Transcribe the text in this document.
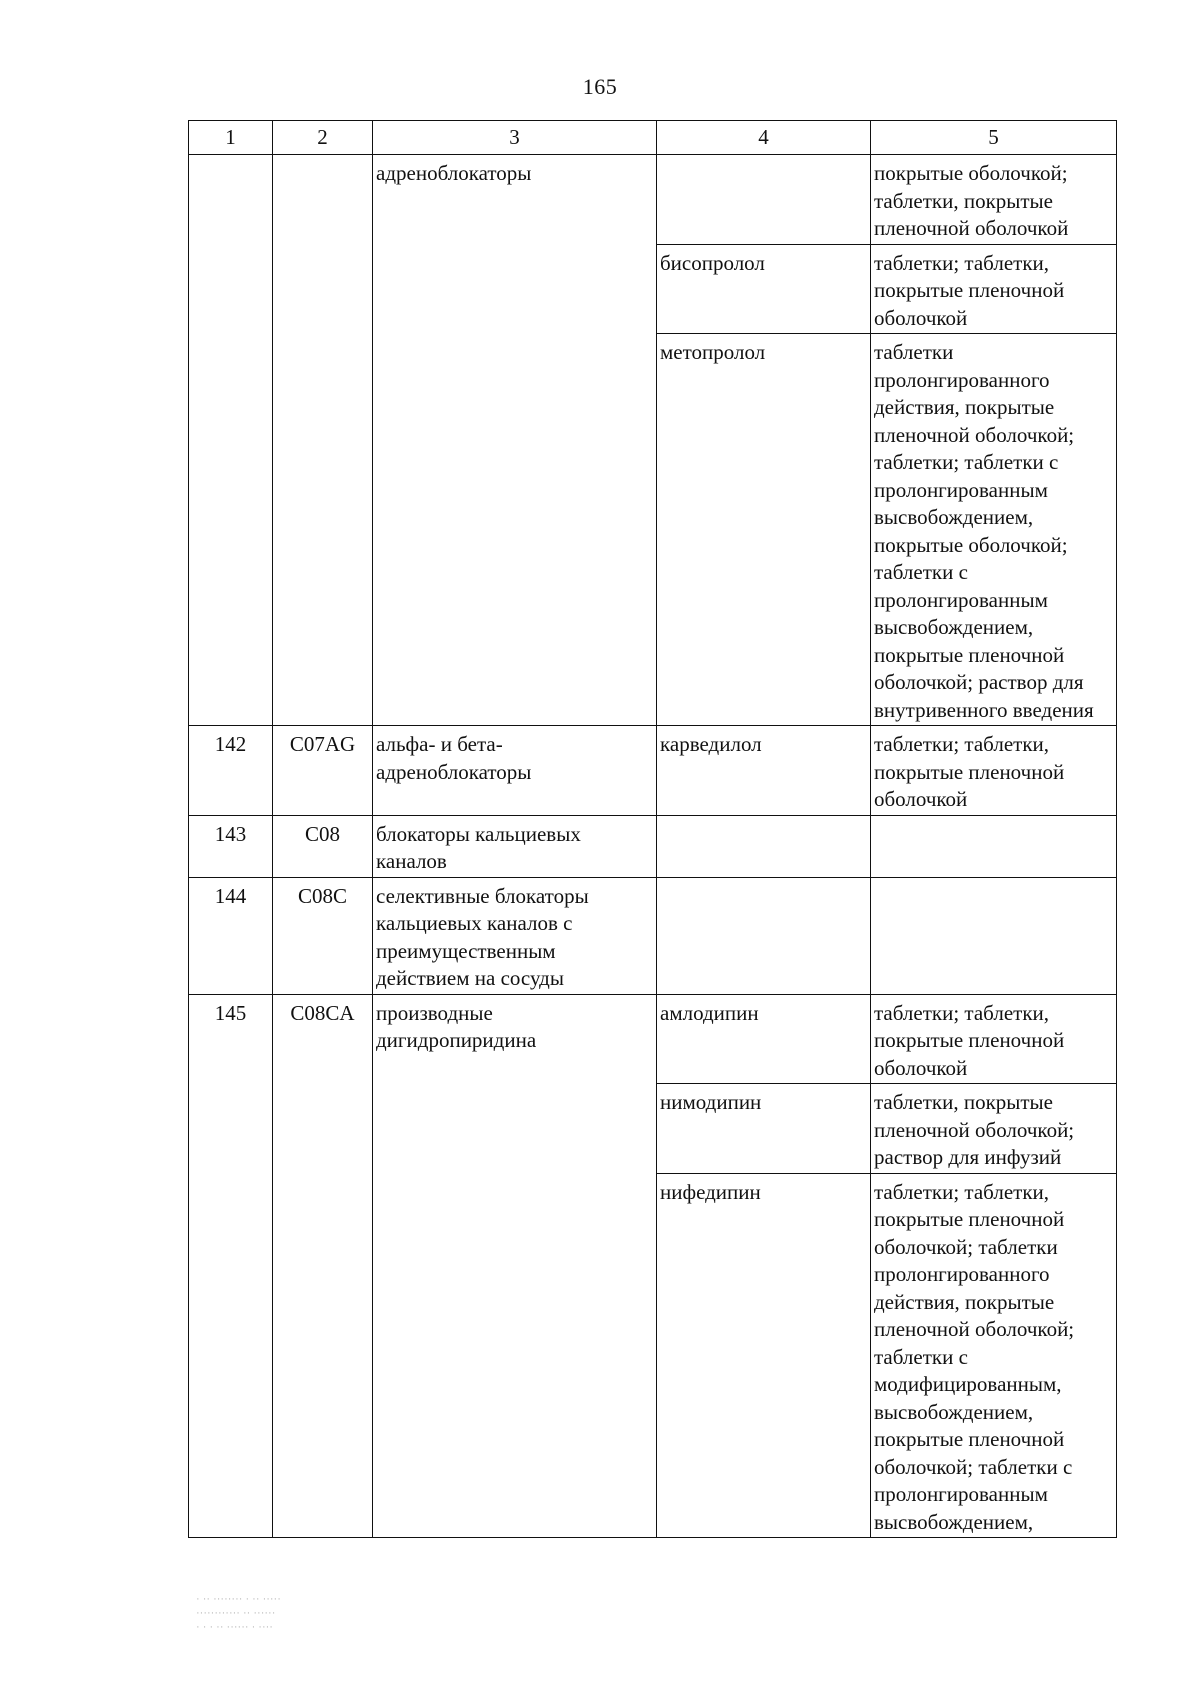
165
1	2	3	4	5
		адреноблокаторы		покрытые оболочкой; таблетки, покрытые пленочной оболочкой
			бисопролол	таблетки; таблетки, покрытые пленочной оболочкой
			метопролол	таблетки пролонгированного действия, покрытые пленочной оболочкой; таблетки; таблетки с пролонгированным высвобождением, покрытые оболочкой; таблетки с пролонгированным высвобождением, покрытые пленочной оболочкой; раствор для внутривенного введения
142	C07AG	альфа- и бета-адреноблокаторы	карведилол	таблетки; таблетки, покрытые пленочной оболочкой
143	C08	блокаторы кальциевых каналов		
144	C08C	селективные блокаторы кальциевых каналов с преимущественным действием на сосуды		
145	C08CA	производные дигидропиридина	амлодипин	таблетки; таблетки, покрытые пленочной оболочкой
			нимодипин	таблетки, покрытые пленочной оболочкой; раствор для инфузий
			нифедипин	таблетки; таблетки, покрытые пленочной оболочкой; таблетки пролонгированного действия, покрытые пленочной оболочкой; таблетки с модифицированным, высвобождением, покрытые пленочной оболочкой; таблетки с пролонгированным высвобождением,
· ·· ········ · ·· ·····
············ ·· ······
· · · ·· ······ · ····
